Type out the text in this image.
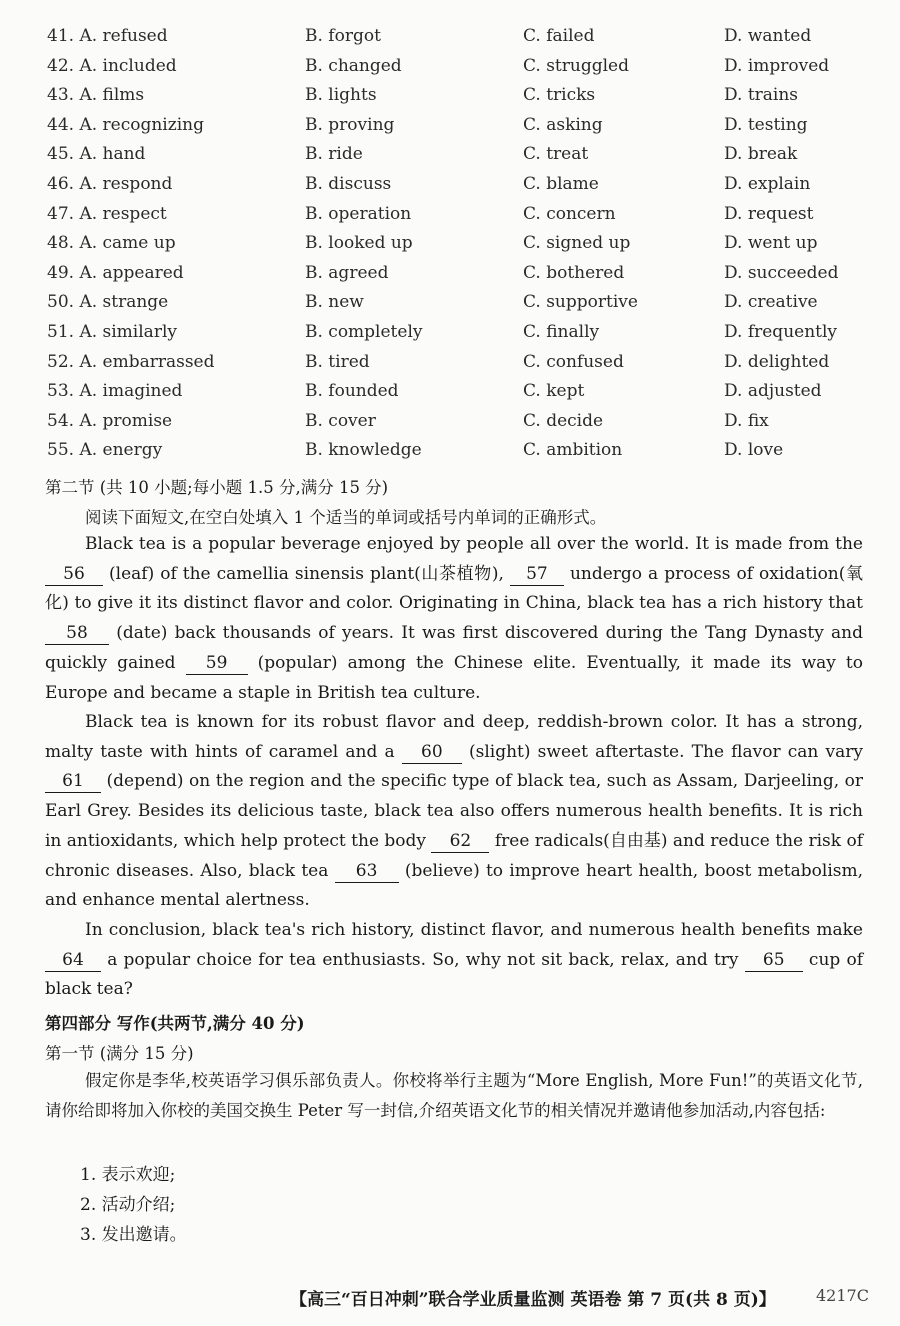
41. A. refused	B. forgot	C. failed	D. wanted
42. A. included	B. changed	C. struggled	D. improved
43. A. films	B. lights	C. tricks	D. trains
44. A. recognizing	B. proving	C. asking	D. testing
45. A. hand	B. ride	C. treat	D. break
46. A. respond	B. discuss	C. blame	D. explain
47. A. respect	B. operation	C. concern	D. request
48. A. came up	B. looked up	C. signed up	D. went up
49. A. appeared	B. agreed	C. bothered	D. succeeded
50. A. strange	B. new	C. supportive	D. creative
51. A. similarly	B. completely	C. finally	D. frequently
52. A. embarrassed	B. tired	C. confused	D. delighted
53. A. imagined	B. founded	C. kept	D. adjusted
54. A. promise	B. cover	C. decide	D. fix
55. A. energy	B. knowledge	C. ambition	D. love
第二节 (共 10 小题;每小题 1.5 分,满分 15 分)
阅读下面短文,在空白处填入 1 个适当的单词或括号内单词的正确形式。

Black tea is a popular beverage enjoyed by people all over the world. It is made from the 56 (leaf) of the camellia sinensis plant(山茶植物), 57 undergo a process of oxidation(氧化) to give it its distinct flavor and color. Originating in China, black tea has a rich history that 58 (date) back thousands of years. It was first discovered during the Tang Dynasty and quickly gained 59 (popular) among the Chinese elite. Eventually, it made its way to Europe and became a staple in British tea culture.

Black tea is known for its robust flavor and deep, reddish-brown color. It has a strong, malty taste with hints of caramel and a 60 (slight) sweet aftertaste. The flavor can vary 61 (depend) on the region and the specific type of black tea, such as Assam, Darjeeling, or Earl Grey. Besides its delicious taste, black tea also offers numerous health benefits. It is rich in antioxidants, which help protect the body 62 free radicals(自由基) and reduce the risk of chronic diseases. Also, black tea 63 (believe) to improve heart health, boost metabolism, and enhance mental alertness.

In conclusion, black tea's rich history, distinct flavor, and numerous health benefits make 64 a popular choice for tea enthusiasts. So, why not sit back, relax, and try 65 cup of black tea?

第四部分 写作(共两节,满分 40 分)
第一节 (满分 15 分)

假定你是李华,校英语学习俱乐部负责人。你校将举行主题为“More English, More Fun!”的英语文化节,请你给即将加入你校的美国交换生 Peter 写一封信,介绍英语文化节的相关情况并邀请他参加活动,内容包括:

1. 表示欢迎;
2. 活动介绍;
3. 发出邀请。
【高三“百日冲刺”联合学业质量监测 英语卷 第 7 页(共 8 页)】	4217C
